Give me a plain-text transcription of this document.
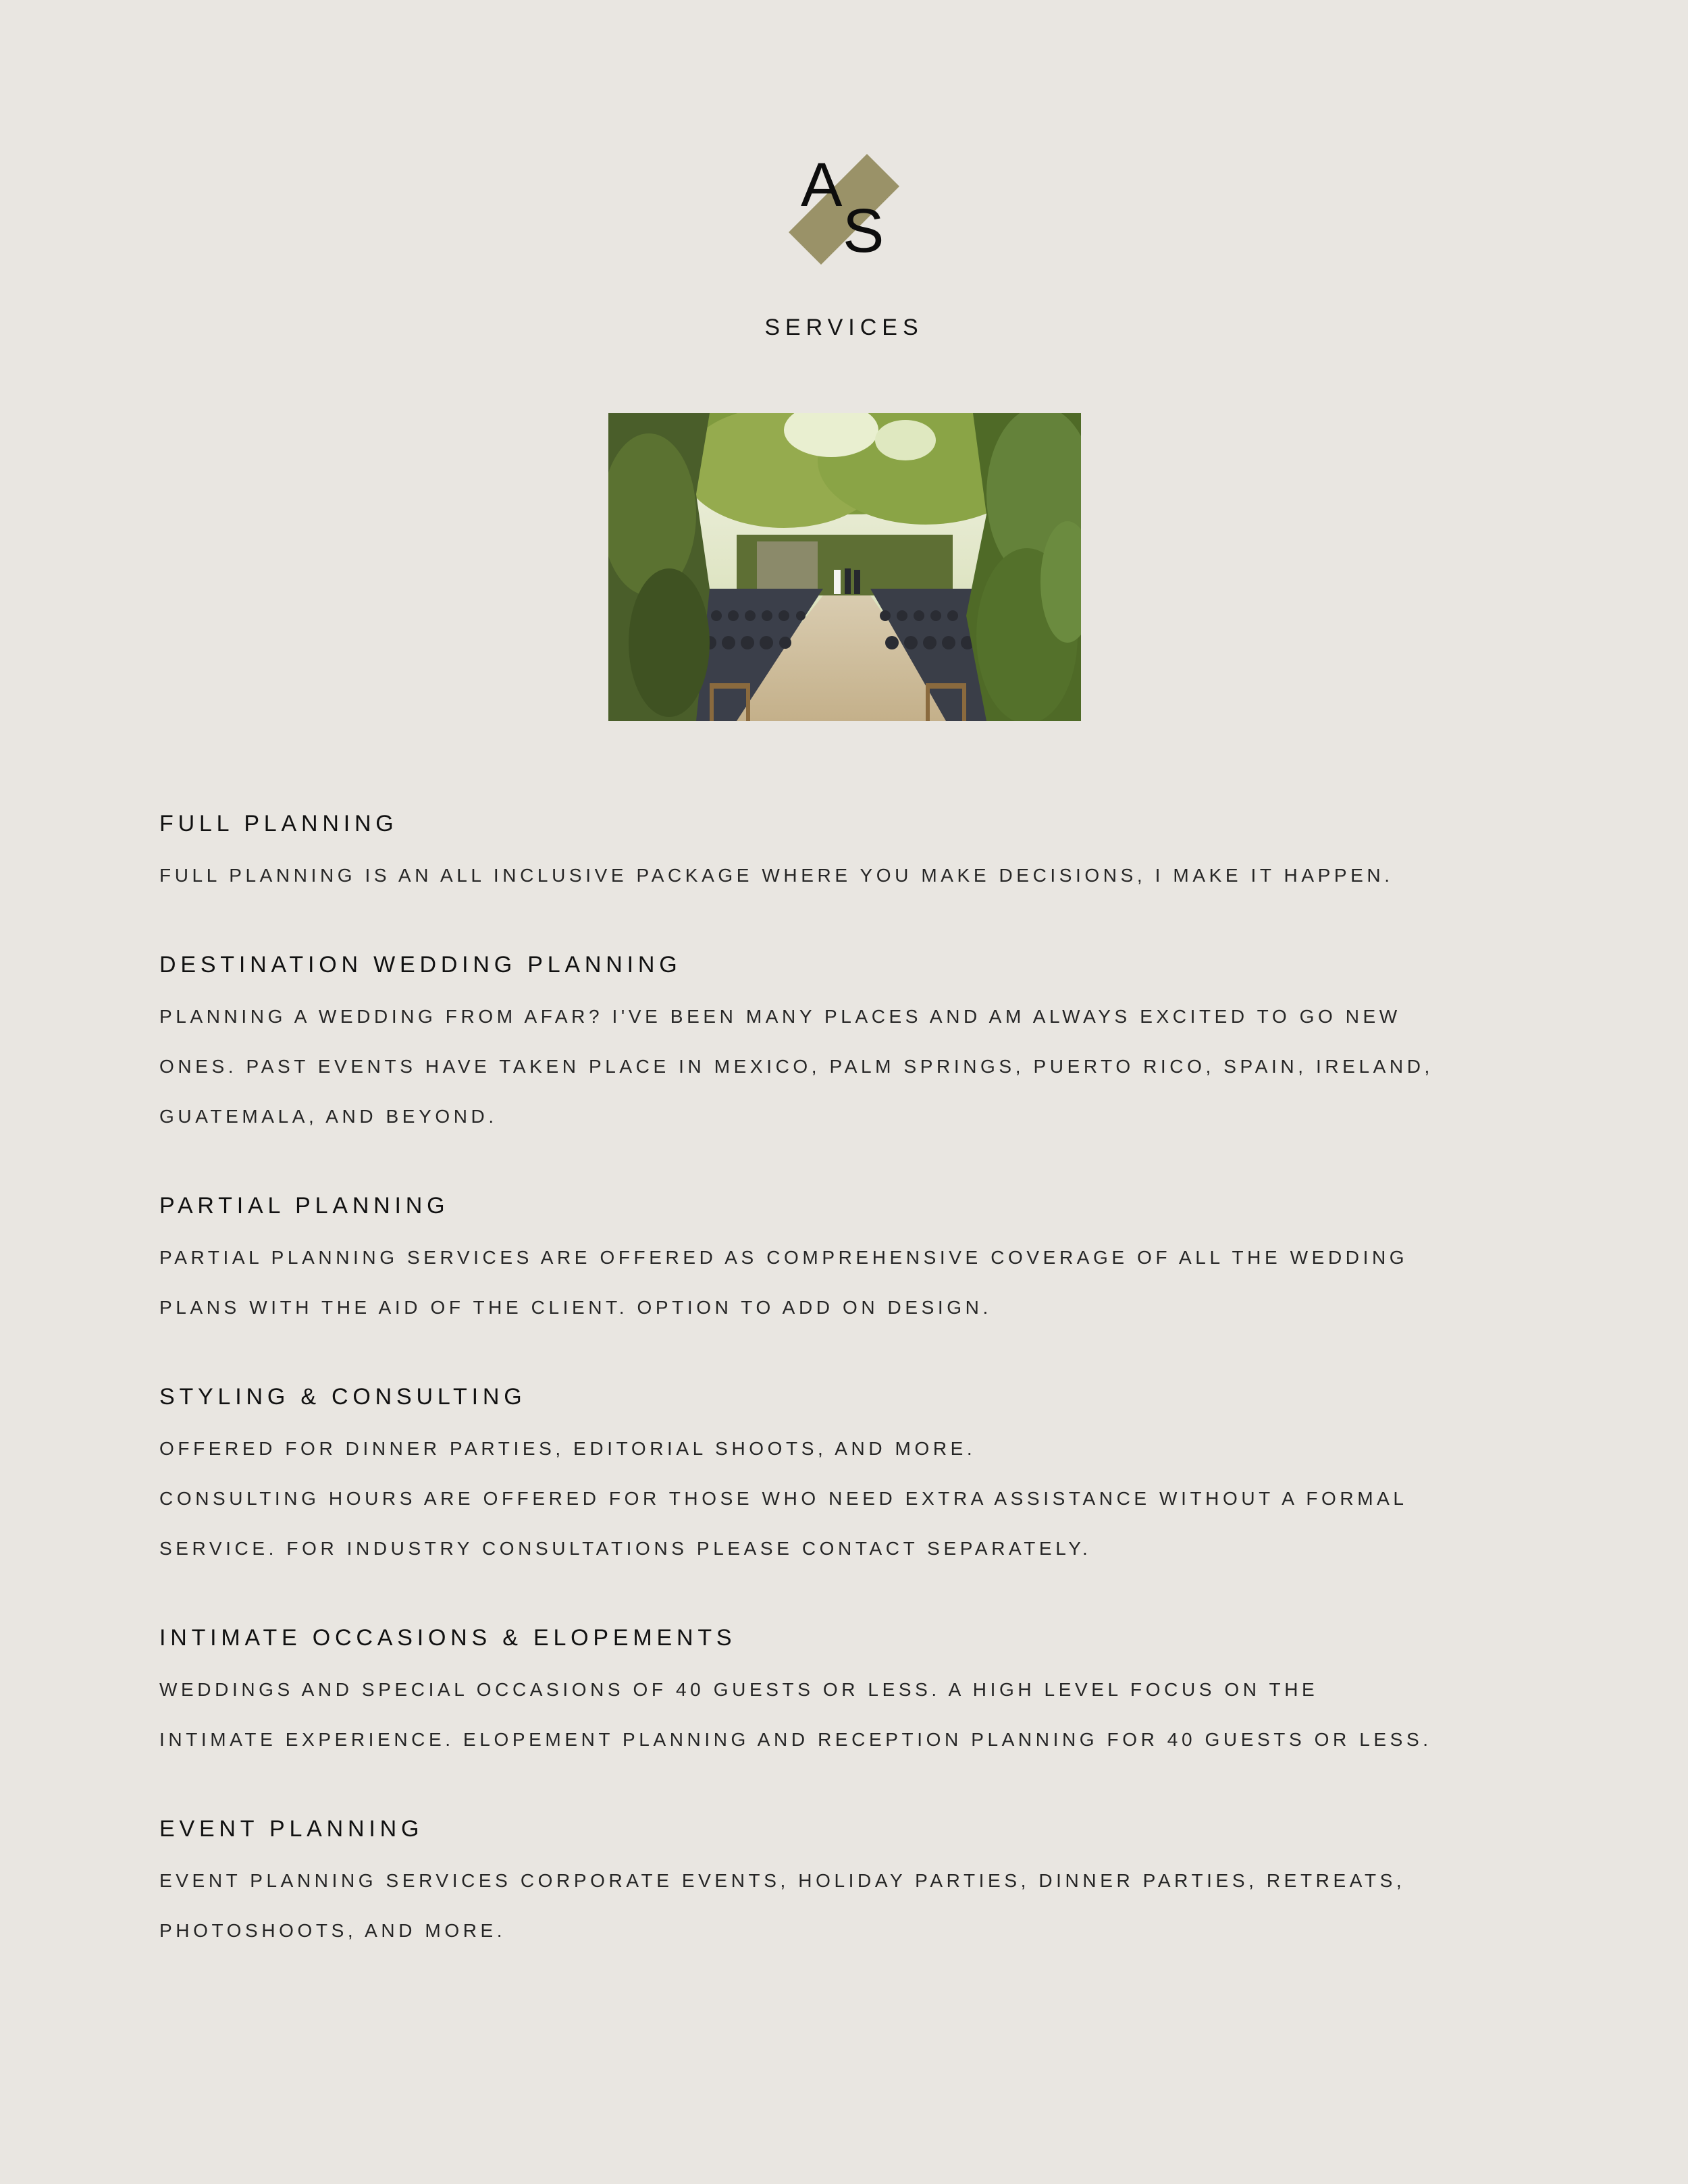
A
S
SERVICES
FULL PLANNING

FULL PLANNING IS AN ALL INCLUSIVE PACKAGE WHERE YOU MAKE DECISIONS, I MAKE IT HAPPEN.

DESTINATION WEDDING PLANNING

PLANNING A WEDDING FROM AFAR? I'VE BEEN MANY PLACES AND AM ALWAYS EXCITED TO GO NEW

ONES. PAST EVENTS HAVE TAKEN PLACE IN MEXICO, PALM SPRINGS, PUERTO RICO, SPAIN, IRELAND,

GUATEMALA, AND BEYOND.

PARTIAL PLANNING

PARTIAL PLANNING SERVICES ARE OFFERED AS COMPREHENSIVE COVERAGE OF ALL THE WEDDING

PLANS WITH THE AID OF THE CLIENT. OPTION TO ADD ON DESIGN.

STYLING & CONSULTING

OFFERED FOR DINNER PARTIES, EDITORIAL SHOOTS, AND MORE.

CONSULTING HOURS ARE OFFERED FOR THOSE WHO NEED EXTRA ASSISTANCE WITHOUT A FORMAL

SERVICE. FOR INDUSTRY CONSULTATIONS PLEASE CONTACT SEPARATELY.

INTIMATE OCCASIONS & ELOPEMENTS

WEDDINGS AND SPECIAL OCCASIONS OF 40 GUESTS OR LESS. A HIGH LEVEL FOCUS ON THE

INTIMATE EXPERIENCE. ELOPEMENT PLANNING AND RECEPTION PLANNING FOR 40 GUESTS OR LESS.

EVENT PLANNING

EVENT PLANNING SERVICES CORPORATE EVENTS, HOLIDAY PARTIES, DINNER PARTIES, RETREATS,

PHOTOSHOOTS, AND MORE.
